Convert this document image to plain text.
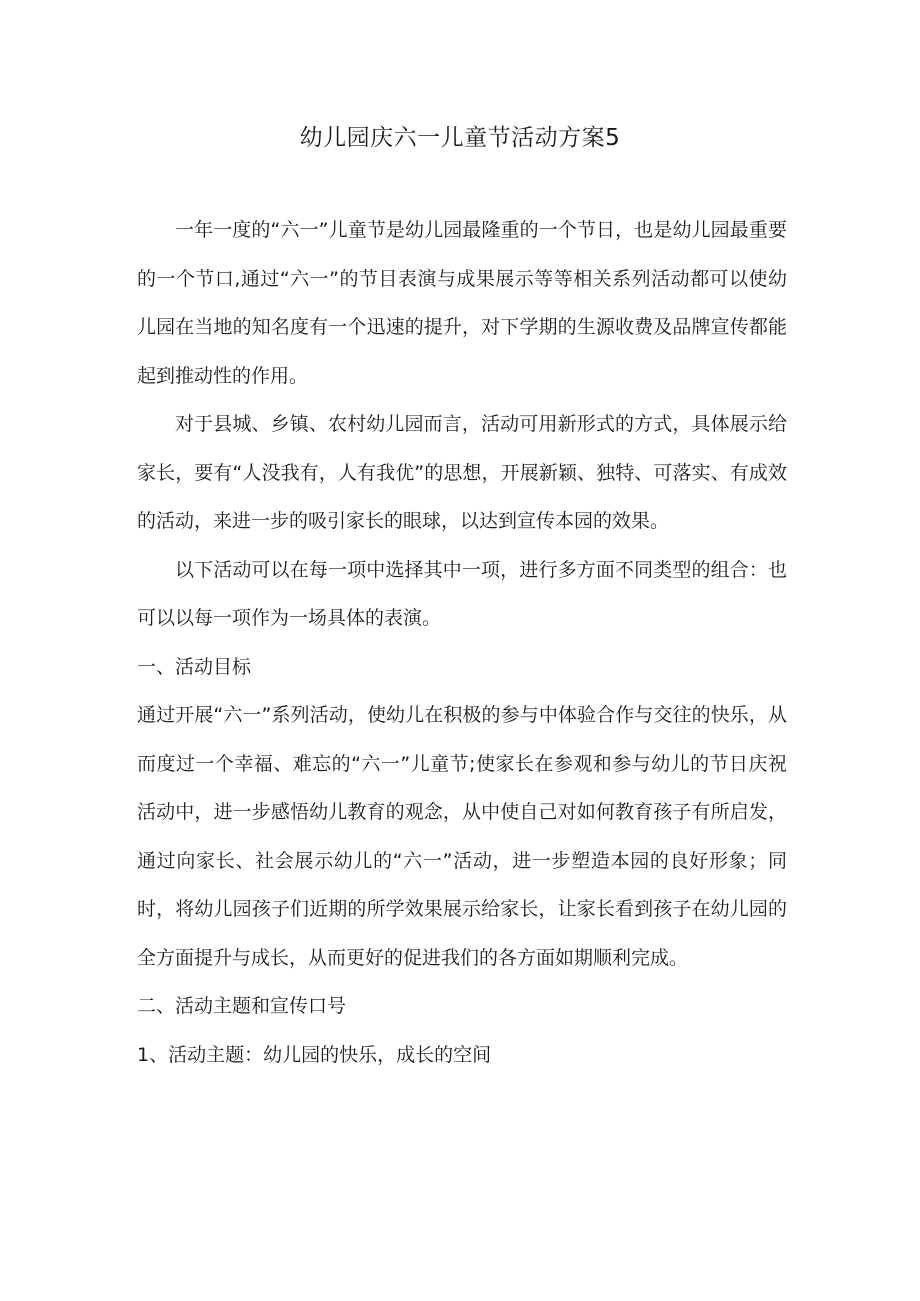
幼儿园庆六一儿童节活动方案5

一年一度的“六一”儿童节是幼儿园最隆重的一个节日，也是幼儿园最重要的一个节口,通过“六一”的节目表演与成果展示等等相关系列活动都可以使幼儿园在当地的知名度有一个迅速的提升，对下学期的生源收费及品牌宣传都能起到推动性的作用。

对于县城、乡镇、农村幼儿园而言，活动可用新形式的方式，具体展示给家长，要有“人没我有，人有我优”的思想，开展新颖、独特、可落实、有成效的活动，来进一步的吸引家长的眼球，以达到宣传本园的效果。

以下活动可以在每一项中选择其中一项，进行多方面不同类型的组合：也可以以每一项作为一场具体的表演。

一、活动目标

通过开展“六一”系列活动，使幼儿在积极的参与中体验合作与交往的快乐，从而度过一个幸福、难忘的“六一”儿童节;使家长在参观和参与幼儿的节日庆祝活动中，进一步感悟幼儿教育的观念，从中使自己对如何教育孩子有所启发，通过向家长、社会展示幼儿的“六一”活动，进一步塑造本园的良好形象；同时，将幼儿园孩子们近期的所学效果展示给家长，让家长看到孩子在幼儿园的全方面提升与成长，从而更好的促进我们的各方面如期顺利完成。

二、活动主题和宣传口号

1、活动主题：幼儿园的快乐，成长的空间
